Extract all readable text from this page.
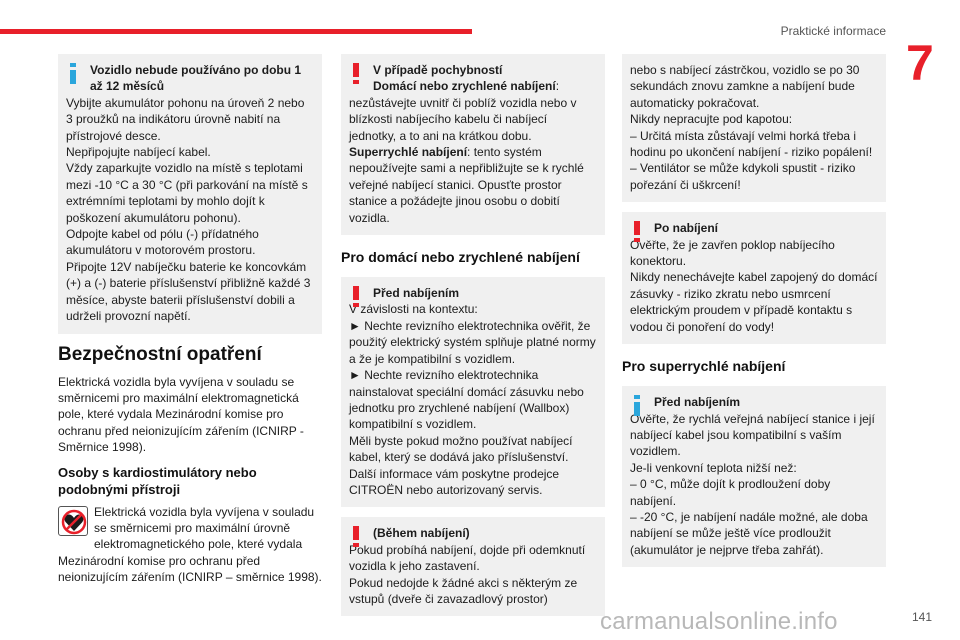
Praktické informace
7
Vozidlo nebude používáno po dobu 1
až 12 měsíců

Vybijte akumulátor pohonu na úroveň 2 nebo 3 proužků na indikátoru úrovně nabití na přístrojové desce.
Nepřipojujte nabíjecí kabel.
Vždy zaparkujte vozidlo na místě s teplotami mezi -10 °C a 30 °C (při parkování na místě s extrémními teplotami by mohlo dojít k poškození akumulátoru pohonu).
Odpojte kabel od pólu (-) přídatného akumulátoru v motorovém prostoru.
Připojte 12V nabíječku baterie ke koncovkám (+) a (-) baterie příslušenství přibližně každé 3 měsíce, abyste baterii příslušenství dobili a udrželi provozní napětí.

Bezpečnostní opatření

Elektrická vozidla byla vyvíjena v souladu se směrnicemi pro maximální elektromagnetická pole, které vydala Mezinárodní komise pro ochranu před neionizujícím zářením (ICNIRP - Směrnice 1998).

Osoby s kardiostimulátory nebo podobnými přístroji

Elektrická vozidla byla vyvíjena v souladu se směrnicemi pro maximální úrovně elektromagnetického pole, které vydala Mezinárodní komise pro ochranu před neionizujícím zářením (ICNIRP – směrnice 1998).

V případě pochybností
Domácí nebo zrychlené nabíjení:

nezůstávejte uvnitř či poblíž vozidla nebo v blízkosti nabíjecího kabelu či nabíjecí jednotky, a to ani na krátkou dobu.
Superrychlé nabíjení: tento systém nepoužívejte sami a nepřibližujte se k rychlé veřejné nabíjecí stanici. Opusťte prostor stanice a požádejte jinou osobu o dobití vozidla.

Pro domácí nebo zrychlené nabíjení
Před nabíjením

V závislosti na kontextu:
► Nechte revizního elektrotechnika ověřit, že použitý elektrický systém splňuje platné normy a že je kompatibilní s vozidlem.
► Nechte revizního elektrotechnika nainstalovat speciální domácí zásuvku nebo jednotku pro zrychlené nabíjení (Wallbox) kompatibilní s vozidlem.
Měli byste pokud možno používat nabíjecí kabel, který se dodává jako příslušenství.
Další informace vám poskytne prodejce CITROËN nebo autorizovaný servis.

(Během nabíjení)

Pokud probíhá nabíjení, dojde při odemknutí vozidla k jeho zastavení.
Pokud nedojde k žádné akci s některým ze vstupů (dveře či zavazadlový prostor)

nebo s nabíjecí zástrčkou, vozidlo se po 30 sekundách znovu zamkne a nabíjení bude automaticky pokračovat.
Nikdy nepracujte pod kapotou:
– Určitá místa zůstávají velmi horká třeba i hodinu po ukončení nabíjení - riziko popálení!
– Ventilátor se může kdykoli spustit - riziko pořezání či uškrcení!

Po nabíjení

Ověřte, že je zavřen poklop nabíjecího konektoru.
Nikdy nenechávejte kabel zapojený do domácí zásuvky - riziko zkratu nebo usmrcení elektrickým proudem v případě kontaktu s vodou či ponoření do vody!

Pro superrychlé nabíjení
Před nabíjením

Ověřte, že rychlá veřejná nabíjecí stanice i její nabíjecí kabel jsou kompatibilní s vaším vozidlem.
Je-li venkovní teplota nižší než:
– 0 °C, může dojít k prodloužení doby nabíjení.
– -20 °C, je nabíjení nadále možné, ale doba nabíjení se může ještě více prodloužit (akumulátor je nejprve třeba zahřát).

carmanualsonline.info	141
